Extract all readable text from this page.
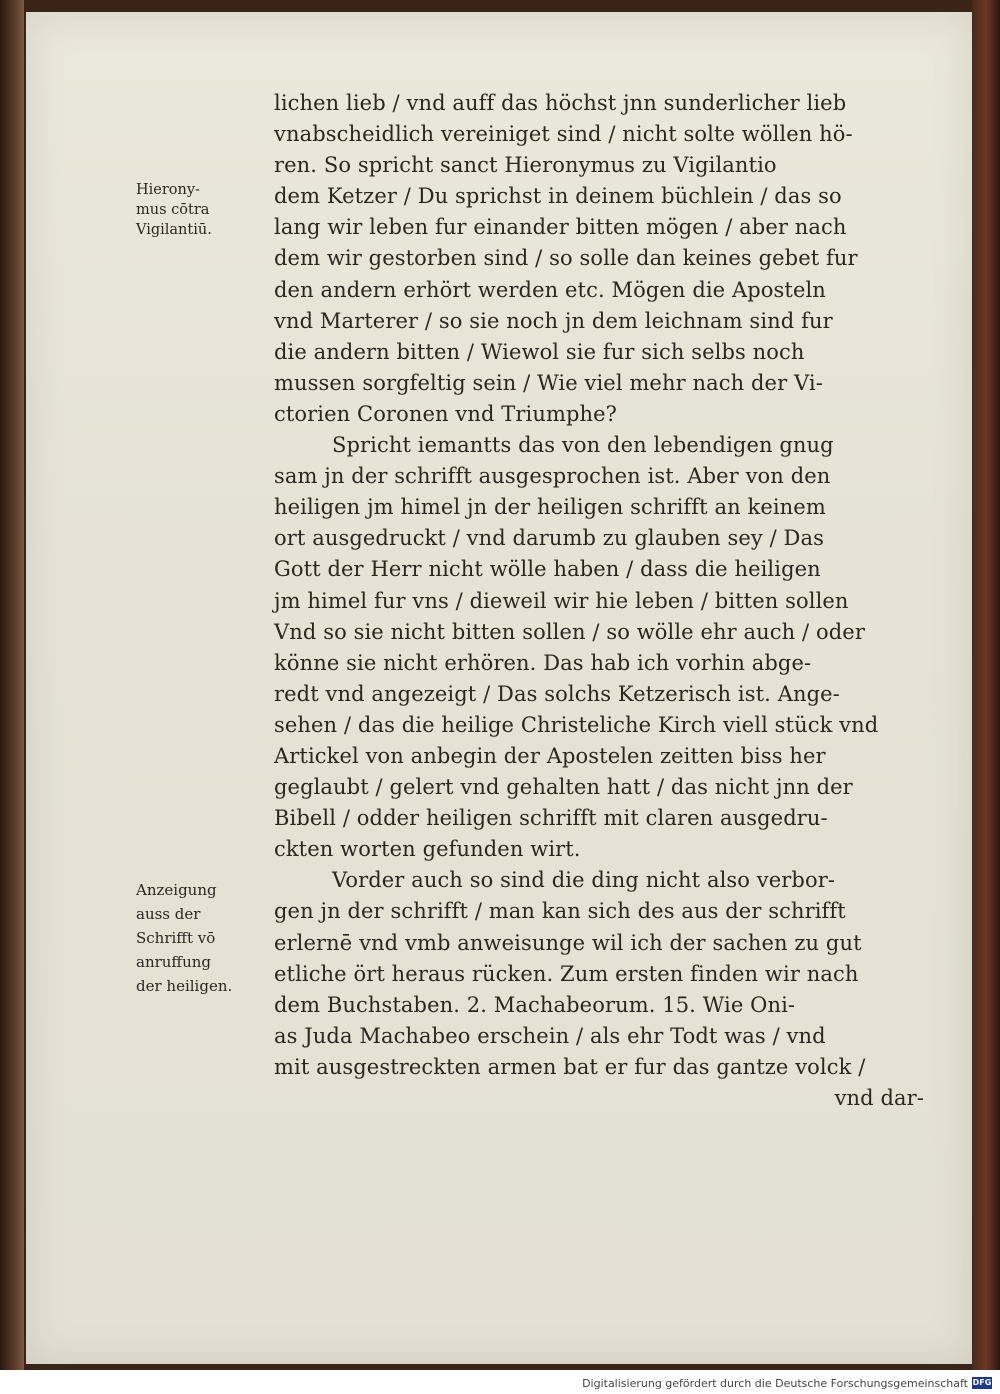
Hierony-
mus cōtra
Vigilantiū.
Anzeigung
auss der
Schrifft vō
anruffung
der heiligen.
lichen lieb / vnd auff das höchst jnn sunderlicher lieb
vnabscheidlich vereiniget sind / nicht solte wöllen hö-
ren. So spricht sanct Hieronymus zu Vigilantio
dem Ketzer / Du sprichst in deinem büchlein / das so
lang wir leben fur einander bitten mögen / aber nach
dem wir gestorben sind / so solle dan keines gebet fur
den andern erhört werden etc. Mögen die Aposteln
vnd Marterer / so sie noch jn dem leichnam sind fur
die andern bitten / Wiewol sie fur sich selbs noch
mussen sorgfeltig sein / Wie viel mehr nach der Vi-
ctorien Coronen vnd Triumphe?
Spricht iemantts das von den lebendigen gnug
sam jn der schrifft ausgesprochen ist. Aber von den
heiligen jm himel jn der heiligen schrifft an keinem
ort ausgedruckt / vnd darumb zu glauben sey / Das
Gott der Herr nicht wölle haben / dass die heiligen
jm himel fur vns / dieweil wir hie leben / bitten sollen
Vnd so sie nicht bitten sollen / so wölle ehr auch / oder
könne sie nicht erhören. Das hab ich vorhin abge-
redt vnd angezeigt / Das solchs Ketzerisch ist. Ange-
sehen / das die heilige Christeliche Kirch viell stück vnd
Artickel von anbegin der Apostelen zeitten biss her
geglaubt / gelert vnd gehalten hatt / das nicht jnn der
Bibell / odder heiligen schrifft mit claren ausgedru-
ckten worten gefunden wirt.
Vorder auch so sind die ding nicht also verbor-
gen jn der schrifft / man kan sich des aus der schrifft
erlernē vnd vmb anweisunge wil ich der sachen zu gut
etliche ört heraus rücken. Zum ersten finden wir nach
dem Buchstaben. 2. Machabeorum. 15. Wie Oni-
as Juda Machabeo erschein / als ehr Todt was / vnd
mit ausgestreckten armen bat er fur das gantze volck /
vnd dar-
Digitalisierung gefördert durch die Deutsche Forschungsgemeinschaft DFG
